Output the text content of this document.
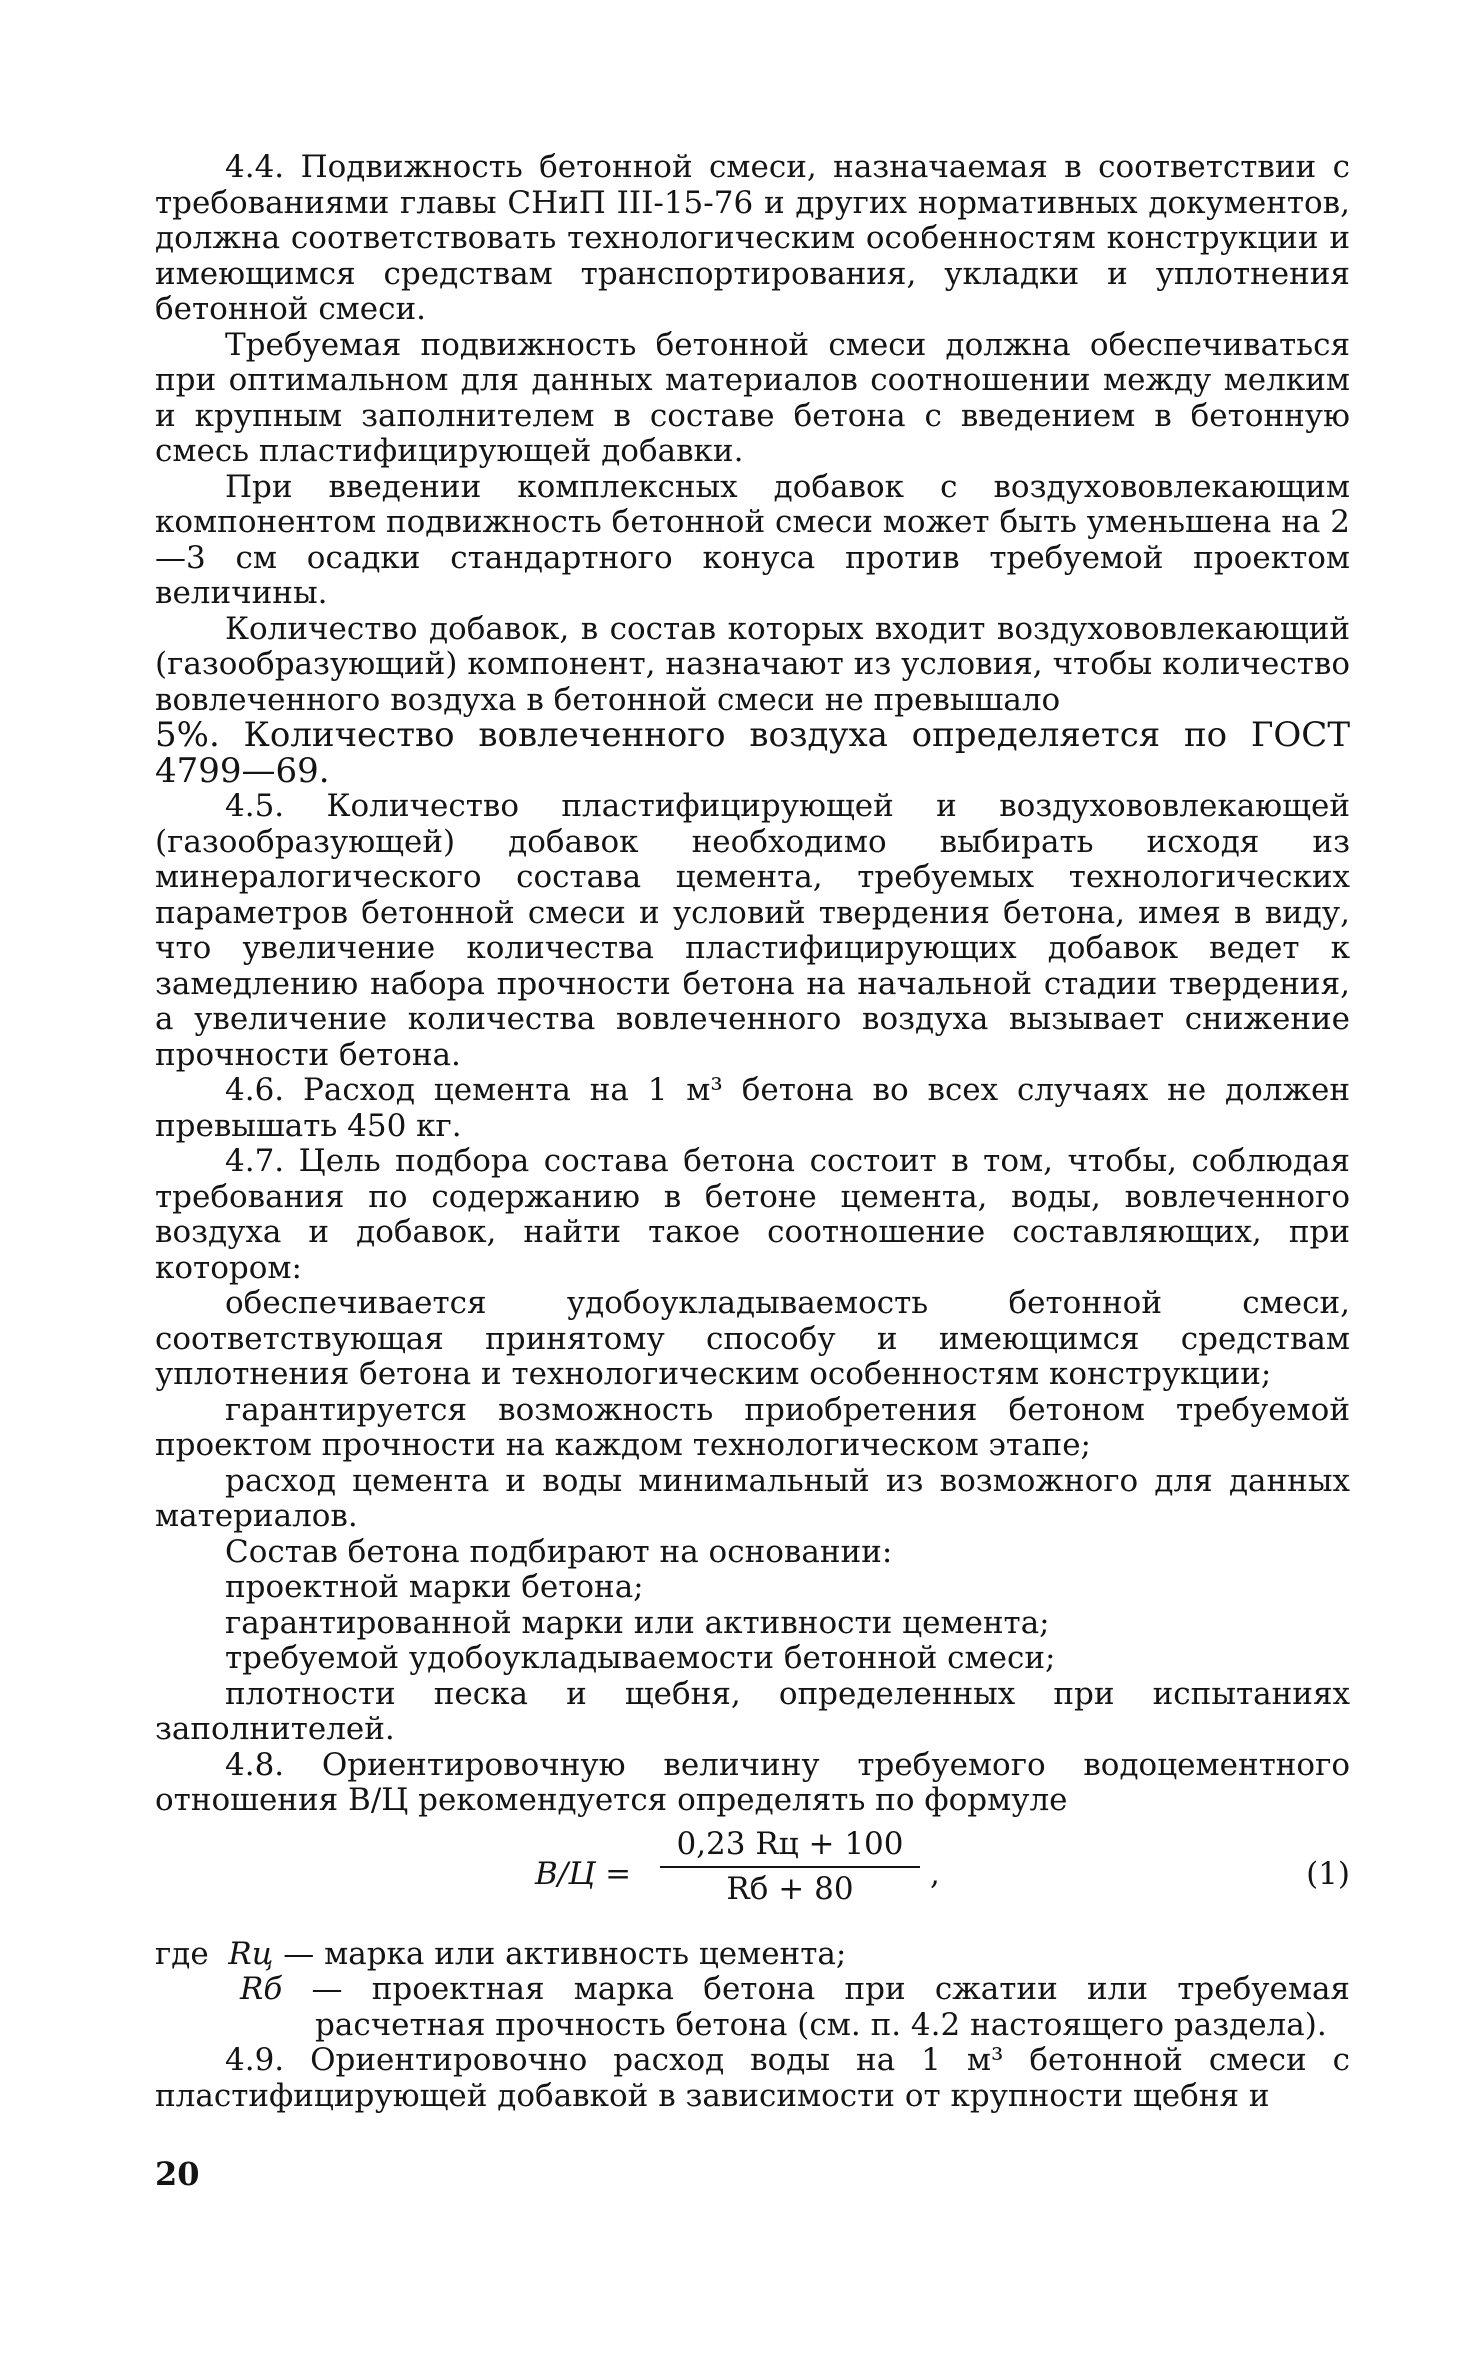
4.4. Подвижность бетонной смеси, назначаемая в соответствии с требованиями главы СНиП III-15-76 и других нормативных документов, должна соответствовать технологическим особенностям конструкции и имеющимся средствам транспортирования, укладки и уплотнения бетонной смеси.

Требуемая подвижность бетонной смеси должна обеспечиваться при оптимальном для данных материалов соотношении между мелким и крупным заполнителем в составе бетона с введением в бетонную смесь пластифицирующей добавки.

При введении комплексных добавок с воздухововлекающим компонентом подвижность бетонной смеси может быть уменьшена на 2—3 см осадки стандартного конуса против требуемой проектом величины.

Количество добавок, в состав которых входит воздухововлекающий (газообразующий) компонент, назначают из условия, чтобы количество вовлеченного воздуха в бетонной смеси не превышало

5%. Количество вовлеченного воздуха определяется по ГОСТ 4799—69.

4.5. Количество пластифицирующей и воздухововлекающей (газообразующей) добавок необходимо выбирать исходя из минералогического состава цемента, требуемых технологических параметров бетонной смеси и условий твердения бетона, имея в виду, что увеличение количества пластифицирующих добавок ведет к замедлению набора прочности бетона на начальной стадии твердения, а увеличение количества вовлеченного воздуха вызывает снижение прочности бетона.

4.6. Расход цемента на 1 м³ бетона во всех случаях не должен превышать 450 кг.

4.7. Цель подбора состава бетона состоит в том, чтобы, соблюдая требования по содержанию в бетоне цемента, воды, вовлеченного воздуха и добавок, найти такое соотношение составляющих, при котором:

обеспечивается удобоукладываемость бетонной смеси, соответствующая принятому способу и имеющимся средствам уплотнения бетона и технологическим особенностям конструкции;

гарантируется возможность приобретения бетоном требуемой проектом прочности на каждом технологическом этапе;

расход цемента и воды минимальный из возможного для данных материалов.

Состав бетона подбирают на основании:

проектной марки бетона;

гарантированной марки или активности цемента;

требуемой удобоукладываемости бетонной смеси;

плотности песка и щебня, определенных при испытаниях заполнителей.

4.8. Ориентировочную величину требуемого водоцементного отношения В/Ц рекомендуется определять по формуле

В/Ц =
0,23 Rц + 100
Rб + 80	,	(1)

где Rц — марка или активность цемента;

Rб — проектная марка бетона при сжатии или требуемая расчетная прочность бетона (см. п. 4.2 настоящего раздела).

4.9. Ориентировочно расход воды на 1 м³ бетонной смеси с пластифицирующей добавкой в зависимости от крупности щебня и

20
